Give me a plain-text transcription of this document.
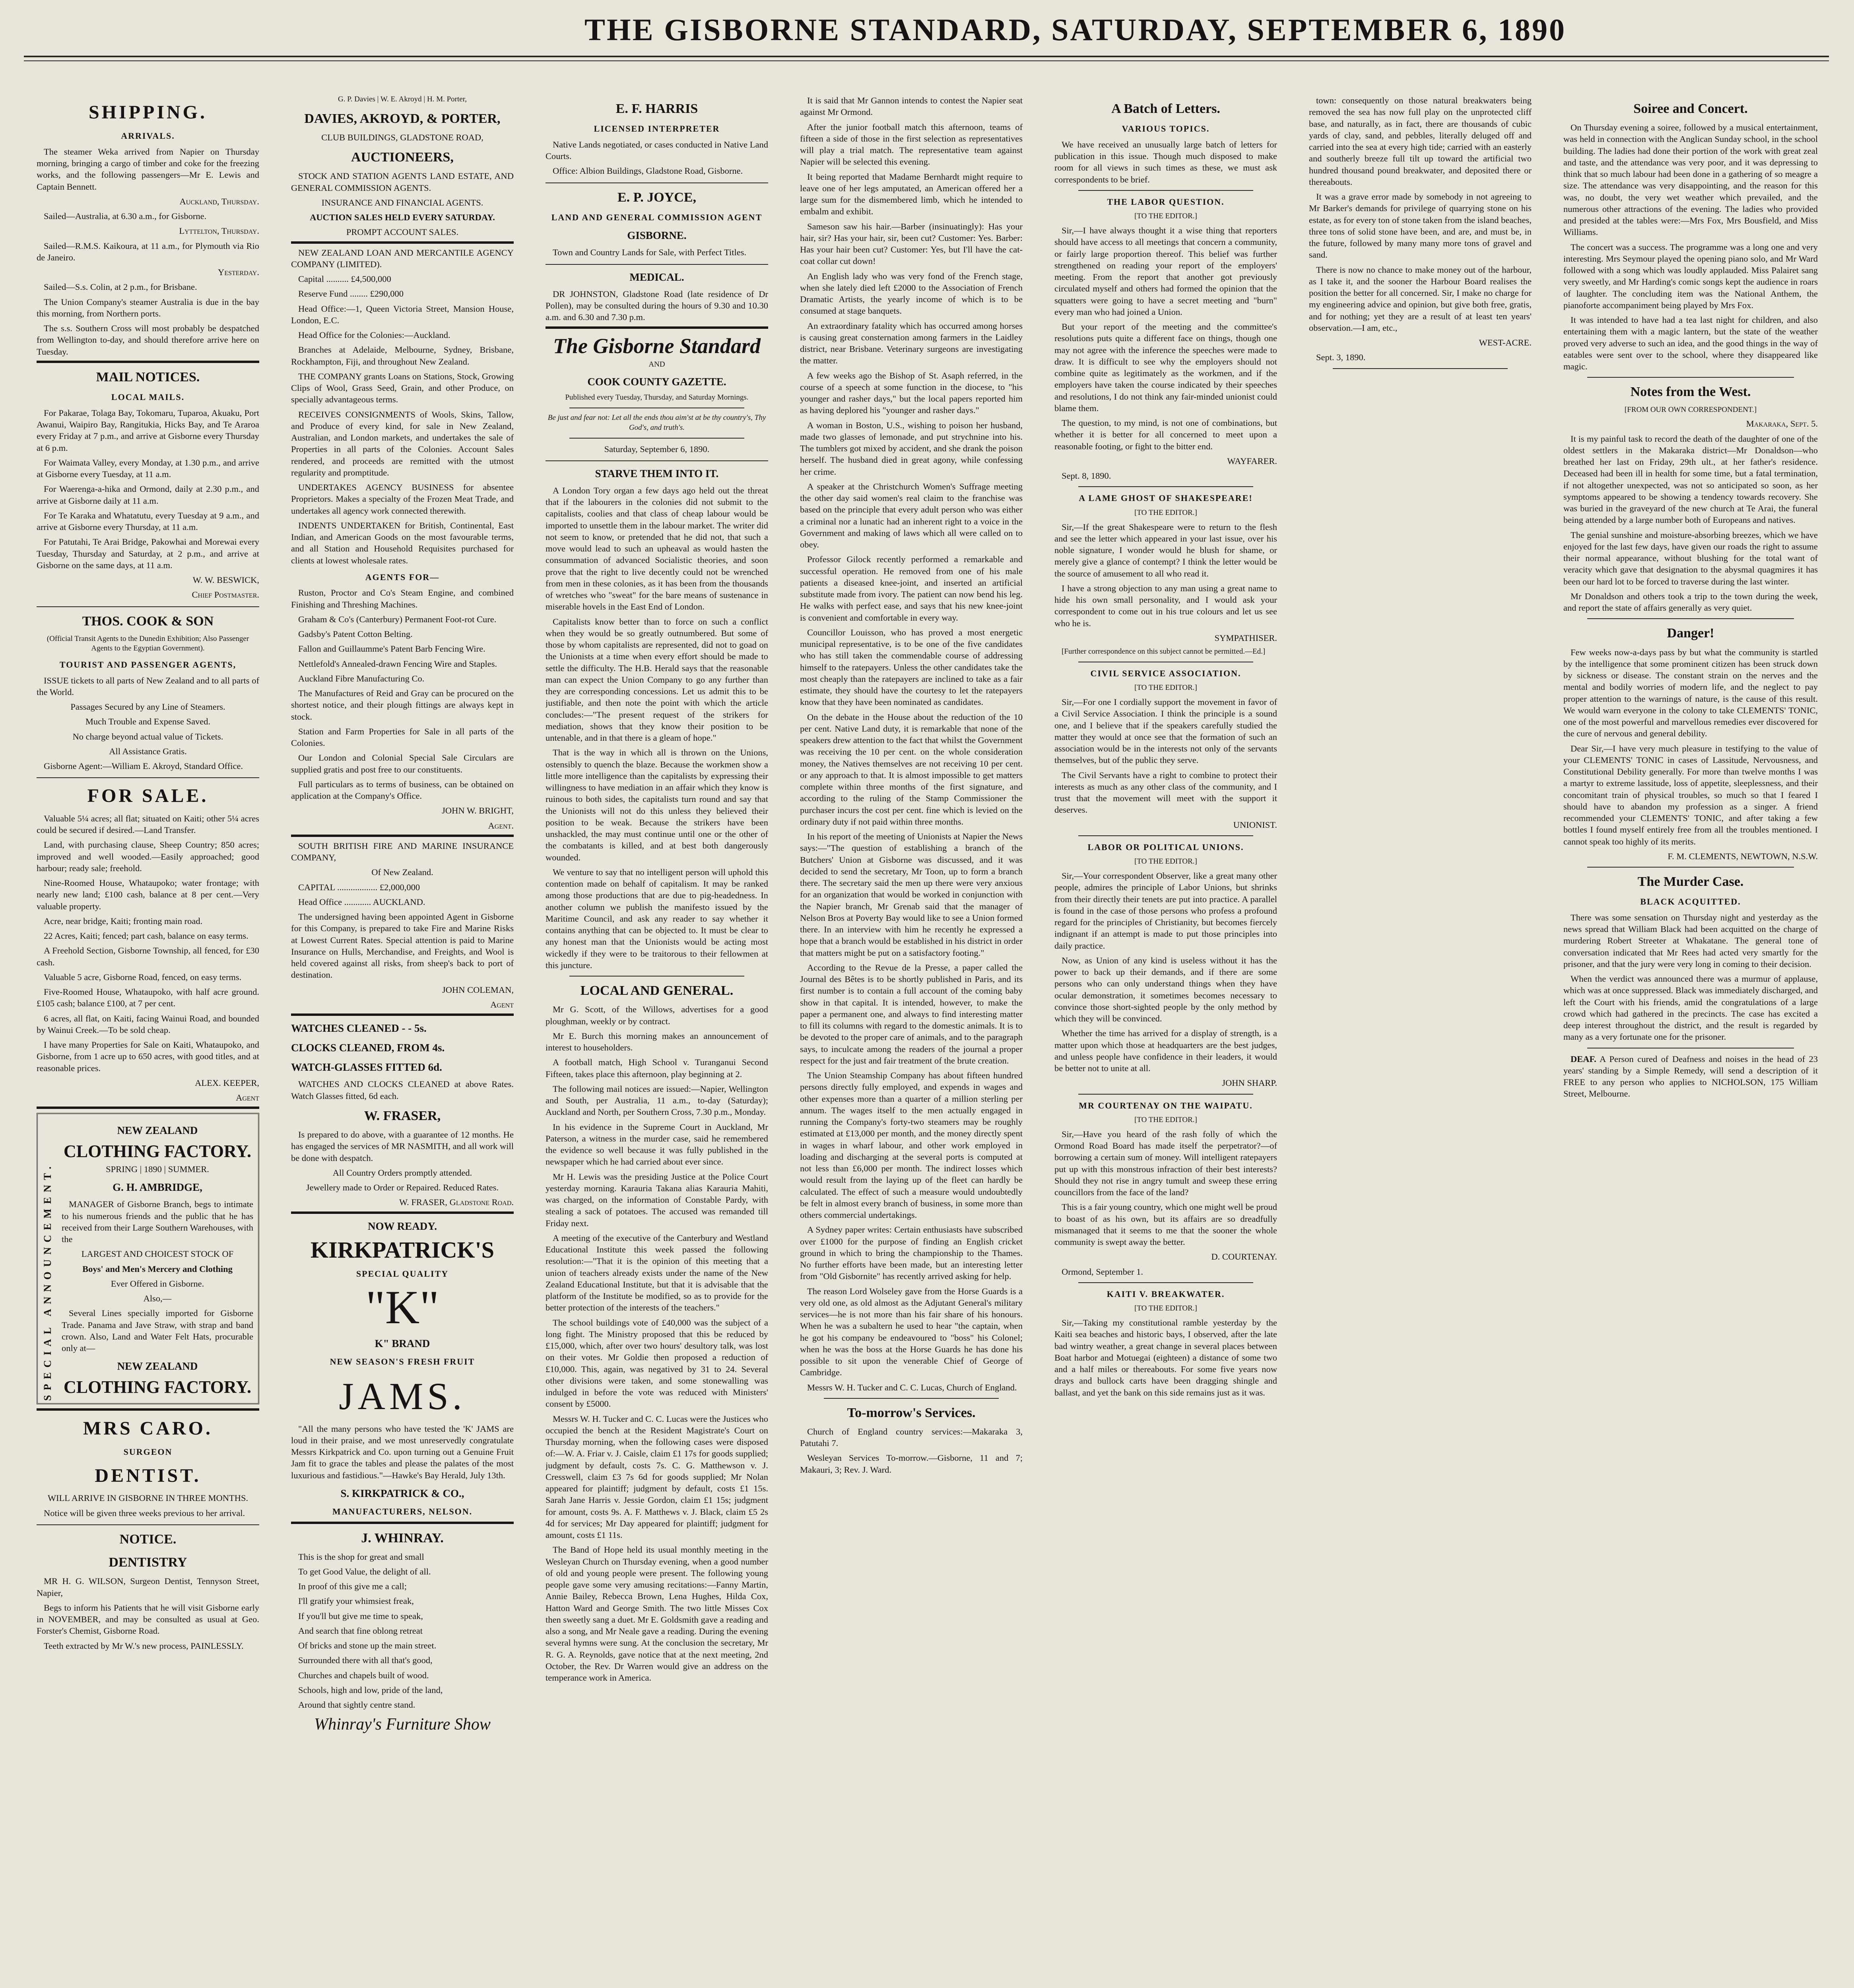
THE GISBORNE STANDARD, SATURDAY, SEPTEMBER 6, 1890
SHIPPING.
ARRIVALS.

The steamer Weka arrived from Napier on Thursday morning, bringing a cargo of timber and coke for the freezing works, and the following passengers—Mr E. Lewis and Captain Bennett.

Auckland, Thursday.

Sailed—Australia, at 6.30 a.m., for Gisborne.

Lyttelton, Thursday.

Sailed—R.M.S. Kaikoura, at 11 a.m., for Plymouth via Rio de Janeiro.

Yesterday.

Sailed—S.s. Colin, at 2 p.m., for Brisbane.

The Union Company's steamer Australia is due in the bay this morning, from Northern ports.

The s.s. Southern Cross will most probably be despatched from Wellington to-day, and should therefore arrive here on Tuesday.

MAIL NOTICES.
LOCAL MAILS.

For Pakarae, Tolaga Bay, Tokomaru, Tuparoa, Akuaku, Port Awanui, Waipiro Bay, Rangitukia, Hicks Bay, and Te Araroa every Friday at 7 p.m., and arrive at Gisborne every Thursday at 6 p.m.

For Waimata Valley, every Monday, at 1.30 p.m., and arrive at Gisborne every Tuesday, at 11 a.m.

For Waerenga-a-hika and Ormond, daily at 2.30 p.m., and arrive at Gisborne daily at 11 a.m.

For Te Karaka and Whatatutu, every Tuesday at 9 a.m., and arrive at Gisborne every Thursday, at 11 a.m.

For Patutahi, Te Arai Bridge, Pakowhai and Morewai every Tuesday, Thursday and Saturday, at 2 p.m., and arrive at Gisborne on the same days, at 11 a.m.

W. W. BESWICK,

Chief Postmaster.

THOS. COOK & SON

(Official Transit Agents to the Dunedin Exhibition; Also Passenger Agents to the Egyptian Government).

TOURIST AND PASSENGER AGENTS,

ISSUE tickets to all parts of New Zealand and to all parts of the World.

Passages Secured by any Line of Steamers.

Much Trouble and Expense Saved.

No charge beyond actual value of Tickets.

All Assistance Gratis.

Gisborne Agent:—William E. Akroyd, Standard Office.

FOR SALE.

Valuable 5¼ acres; all flat; situated on Kaiti; other 5¼ acres could be secured if desired.—Land Transfer.

Land, with purchasing clause, Sheep Country; 850 acres; improved and well wooded.—Easily approached; good harbour; ready sale; freehold.

Nine-Roomed House, Whataupoko; water frontage; with nearly new land; £100 cash, balance at 8 per cent.—Very valuable property.

Acre, near bridge, Kaiti; fronting main road.

22 Acres, Kaiti; fenced; part cash, balance on easy terms.

A Freehold Section, Gisborne Township, all fenced, for £30 cash.

Valuable 5 acre, Gisborne Road, fenced, on easy terms.

Five-Roomed House, Whataupoko, with half acre ground. £105 cash; balance £100, at 7 per cent.

6 acres, all flat, on Kaiti, facing Wainui Road, and bounded by Wainui Creek.—To be sold cheap.

I have many Properties for Sale on Kaiti, Whataupoko, and Gisborne, from 1 acre up to 650 acres, with good titles, and at reasonable prices.

ALEX. KEEPER,

Agent

SPECIAL ANNOUNCEMENT.
NEW ZEALAND
CLOTHING FACTORY.

SPRING | 1890 | SUMMER.

G. H. AMBRIDGE,

MANAGER of Gisborne Branch, begs to intimate to his numerous friends and the public that he has received from their Large Southern Warehouses, with the

LARGEST AND CHOICEST STOCK OF

Boys' and Men's Mercery and Clothing

Ever Offered in Gisborne.

Also,—

Several Lines specially imported for Gisborne Trade. Panama and Jave Straw, with strap and band crown. Also, Land and Water Felt Hats, procurable only at—

NEW ZEALAND
CLOTHING FACTORY.
MRS CARO.
SURGEON
DENTIST.

WILL ARRIVE IN GISBORNE IN THREE MONTHS.

Notice will be given three weeks previous to her arrival.

NOTICE.
DENTISTRY

MR H. G. WILSON, Surgeon Dentist, Tennyson Street, Napier,

Begs to inform his Patients that he will visit Gisborne early in NOVEMBER, and may be consulted as usual at Geo. Forster's Chemist, Gisborne Road.

Teeth extracted by Mr W.'s new process, PAINLESSLY.

G. P. Davies | W. E. Akroyd | H. M. Porter,

DAVIES, AKROYD, & PORTER,

CLUB BUILDINGS, GLADSTONE ROAD,

AUCTIONEERS,

STOCK AND STATION AGENTS LAND ESTATE, AND GENERAL COMMISSION AGENTS.

INSURANCE AND FINANCIAL AGENTS.

AUCTION SALES HELD EVERY SATURDAY.

PROMPT ACCOUNT SALES.

NEW ZEALAND LOAN AND MERCANTILE AGENCY COMPANY (LIMITED).

Capital .......... £4,500,000

Reserve Fund ........ £290,000

Head Office:—1, Queen Victoria Street, Mansion House, London, E.C.

Head Office for the Colonies:—Auckland.

Branches at Adelaide, Melbourne, Sydney, Brisbane, Rockhampton, Fiji, and throughout New Zealand.

THE COMPANY grants Loans on Stations, Stock, Growing Clips of Wool, Grass Seed, Grain, and other Produce, on specially advantageous terms.

RECEIVES CONSIGNMENTS of Wools, Skins, Tallow, and Produce of every kind, for sale in New Zealand, Australian, and London markets, and undertakes the sale of Properties in all parts of the Colonies. Account Sales rendered, and proceeds are remitted with the utmost regularity and promptitude.

UNDERTAKES AGENCY BUSINESS for absentee Proprietors. Makes a specialty of the Frozen Meat Trade, and undertakes all agency work connected therewith.

INDENTS UNDERTAKEN for British, Continental, East Indian, and American Goods on the most favourable terms, and all Station and Household Requisites purchased for clients at lowest wholesale rates.

AGENTS FOR—

Ruston, Proctor and Co's Steam Engine, and combined Finishing and Threshing Machines.

Graham & Co's (Canterbury) Permanent Foot-rot Cure.

Gadsby's Patent Cotton Belting.

Fallon and Guillaumme's Patent Barb Fencing Wire.

Nettlefold's Annealed-drawn Fencing Wire and Staples.

Auckland Fibre Manufacturing Co.

The Manufactures of Reid and Gray can be procured on the shortest notice, and their plough fittings are always kept in stock.

Station and Farm Properties for Sale in all parts of the Colonies.

Our London and Colonial Special Sale Circulars are supplied gratis and post free to our constituents.

Full particulars as to terms of business, can be obtained on application at the Company's Office.

JOHN W. BRIGHT,

Agent.

SOUTH BRITISH FIRE AND MARINE INSURANCE COMPANY,

Of New Zealand.

CAPITAL .................. £2,000,000

Head Office ............ AUCKLAND.

The undersigned having been appointed Agent in Gisborne for this Company, is prepared to take Fire and Marine Risks at Lowest Current Rates. Special attention is paid to Marine Insurance on Hulls, Merchandise, and Freights, and Wool is held covered against all risks, from sheep's back to port of destination.

JOHN COLEMAN,

Agent

WATCHES CLEANED - - 5s.
CLOCKS CLEANED, FROM 4s.
WATCH-GLASSES FITTED 6d.

WATCHES AND CLOCKS CLEANED at above Rates. Watch Glasses fitted, 6d each.

W. FRASER,

Is prepared to do above, with a guarantee of 12 months. He has engaged the services of MR NASMITH, and all work will be done with despatch.

All Country Orders promptly attended.

Jewellery made to Order or Repaired. Reduced Rates.

W. FRASER, Gladstone Road.

NOW READY.
KIRKPATRICK'S
SPECIAL QUALITY
"K"
K" BRAND
NEW SEASON'S FRESH FRUIT
JAMS.

"All the many persons who have tested the 'K' JAMS are loud in their praise, and we most unreservedly congratulate Messrs Kirkpatrick and Co. upon turning out a Genuine Fruit Jam fit to grace the tables and please the palates of the most luxurious and fastidious."—Hawke's Bay Herald, July 13th.

S. KIRKPATRICK & CO.,
MANUFACTURERS, NELSON.
J. WHINRAY.

This is the shop for great and small

To get Good Value, the delight of all.

In proof of this give me a call;

I'll gratify your whimsiest freak,

If you'll but give me time to speak,

And search that fine oblong retreat

Of bricks and stone up the main street.

Surrounded there with all that's good,

Churches and chapels built of wood.

Schools, high and low, pride of the land,

Around that sightly centre stand.

Whinray's Furniture Show
E. F. HARRIS
LICENSED INTERPRETER

Native Lands negotiated, or cases conducted in Native Land Courts.

Office: Albion Buildings, Gladstone Road, Gisborne.

E. P. JOYCE,
LAND AND GENERAL COMMISSION AGENT
GISBORNE.

Town and Country Lands for Sale, with Perfect Titles.

MEDICAL.

DR JOHNSTON, Gladstone Road (late residence of Dr Pollen), may be consulted during the hours of 9.30 and 10.30 a.m. and 6.30 and 7.30 p.m.

The Gisborne Standard

AND

COOK COUNTY GAZETTE.

Published every Tuesday, Thursday, and Saturday Mornings.

Be just and fear not: Let all the ends thou aim'st at be thy country's, Thy God's, and truth's.

Saturday, September 6, 1890.

STARVE THEM INTO IT.

A London Tory organ a few days ago held out the threat that if the labourers in the colonies did not submit to the capitalists, coolies and that class of cheap labour would be imported to unsettle them in the labour market. The writer did not seem to know, or pretended that he did not, that such a move would lead to such an upheaval as would hasten the consummation of advanced Socialistic theories, and soon prove that the right to live decently could not be wrenched from men in these colonies, as it has been from the thousands of wretches who "sweat" for the bare means of sustenance in miserable hovels in the East End of London.

Capitalists know better than to force on such a conflict when they would be so greatly outnumbered. But some of those by whom capitalists are represented, did not to goad on the Unionists at a time when every effort should be made to settle the difficulty. The H.B. Herald says that the reasonable man can expect the Union Company to go any further than they are corresponding concessions. Let us admit this to be justifiable, and then note the point with which the article concludes:—"The present request of the strikers for mediation, shows that they know their position to be untenable, and in that there is a gleam of hope."

That is the way in which all is thrown on the Unions, ostensibly to quench the blaze. Because the workmen show a little more intelligence than the capitalists by expressing their willingness to have mediation in an affair which they know is ruinous to both sides, the capitalists turn round and say that the Unionists will not do this unless they believed their position to be weak. Because the strikers have been unshackled, the may must continue until one or the other of the combatants is killed, and at best both dangerously wounded.

We venture to say that no intelligent person will uphold this contention made on behalf of capitalism. It may be ranked among those productions that are due to pig-headedness. In another column we publish the manifesto issued by the Maritime Council, and ask any reader to say whether it contains anything that can be objected to. It must be clear to any honest man that the Unionists would be acting most wickedly if they were to be traitorous to their fellowmen at this juncture.

LOCAL AND GENERAL.

Mr G. Scott, of the Willows, advertises for a good ploughman, weekly or by contract.

Mr E. Burch this morning makes an announcement of interest to householders.

A football match, High School v. Turanganui Second Fifteen, takes place this afternoon, play beginning at 2.

The following mail notices are issued:—Napier, Wellington and South, per Australia, 11 a.m., to-day (Saturday); Auckland and North, per Southern Cross, 7.30 p.m., Monday.

In his evidence in the Supreme Court in Auckland, Mr Paterson, a witness in the murder case, said he remembered the evidence so well because it was fully published in the newspaper which he had carried about ever since.

Mr H. Lewis was the presiding Justice at the Police Court yesterday morning. Karauria Takana alias Karauria Mahiti, was charged, on the information of Constable Pardy, with stealing a sack of potatoes. The accused was remanded till Friday next.

A meeting of the executive of the Canterbury and Westland Educational Institute this week passed the following resolution:—"That it is the opinion of this meeting that a union of teachers already exists under the name of the New Zealand Educational Institute, but that it is advisable that the platform of the Institute be modified, so as to provide for the better protection of the interests of the teachers."

The school buildings vote of £40,000 was the subject of a long fight. The Ministry proposed that this be reduced by £15,000, which, after over two hours' desultory talk, was lost on their votes. Mr Goldie then proposed a reduction of £10,000. This, again, was negatived by 31 to 24. Several other divisions were taken, and some stonewalling was indulged in before the vote was reduced with Ministers' consent by £5000.

Messrs W. H. Tucker and C. C. Lucas were the Justices who occupied the bench at the Resident Magistrate's Court on Thursday morning, when the following cases were disposed of:—W. A. Friar v. J. Caisle, claim £1 17s for goods supplied; judgment by default, costs 7s. C. G. Matthewson v. J. Cresswell, claim £3 7s 6d for goods supplied; Mr Nolan appeared for plaintiff; judgment by default, costs £1 15s. Sarah Jane Harris v. Jessie Gordon, claim £1 15s; judgment for amount, costs 9s. A. F. Matthews v. J. Black, claim £5 2s 4d for services; Mr Day appeared for plaintiff; judgment for amount, costs £1 11s.

The Band of Hope held its usual monthly meeting in the Wesleyan Church on Thursday evening, when a good number of old and young people were present. The following young people gave some very amusing recitations:—Fanny Martin, Annie Bailey, Rebecca Brown, Lena Hughes, Hilda Cox, Hatton Ward and George Smith. The two little Misses Cox then sweetly sang a duet. Mr E. Goldsmith gave a reading and also a song, and Mr Neale gave a reading. During the evening several hymns were sung. At the conclusion the secretary, Mr R. G. A. Reynolds, gave notice that at the next meeting, 2nd October, the Rev. Dr Warren would give an address on the temperance work in America.

It is said that Mr Gannon intends to contest the Napier seat against Mr Ormond.

After the junior football match this afternoon, teams of fifteen a side of those in the first selection as representatives will play a trial match. The representative team against Napier will be selected this evening.

It being reported that Madame Bernhardt might require to leave one of her legs amputated, an American offered her a large sum for the dismembered limb, which he intended to embalm and exhibit.

Sameson saw his hair.—Barber (insinuatingly): Has your hair, sir? Has your hair, sir, been cut? Customer: Yes. Barber: Has your hair been cut? Customer: Yes, but I'll have the cat-coat collar cut down!

An English lady who was very fond of the French stage, when she lately died left £2000 to the Association of French Dramatic Artists, the yearly income of which is to be consumed at stage banquets.

An extraordinary fatality which has occurred among horses is causing great consternation among farmers in the Laidley district, near Brisbane. Veterinary surgeons are investigating the matter.

A few weeks ago the Bishop of St. Asaph referred, in the course of a speech at some function in the diocese, to "his younger and rasher days," but the local papers reported him as having deplored his "younger and rasher days."

A woman in Boston, U.S., wishing to poison her husband, made two glasses of lemonade, and put strychnine into his. The tumblers got mixed by accident, and she drank the poison herself. The husband died in great agony, while confessing her crime.

A speaker at the Christchurch Women's Suffrage meeting the other day said women's real claim to the franchise was based on the principle that every adult person who was either a criminal nor a lunatic had an inherent right to a voice in the Government and making of laws which all were called on to obey.

Professor Gilock recently performed a remarkable and successful operation. He removed from one of his male patients a diseased knee-joint, and inserted an artificial substitute made from ivory. The patient can now bend his leg. He walks with perfect ease, and says that his new knee-joint is convenient and comfortable in every way.

Councillor Louisson, who has proved a most energetic municipal representative, is to be one of the five candidates who has still taken the commendable course of addressing himself to the ratepayers. Unless the other candidates take the most cheaply than the ratepayers are inclined to take as a fair estimate, they should have the courtesy to let the ratepayers know that they have been nominated as candidates.

On the debate in the House about the reduction of the 10 per cent. Native Land duty, it is remarkable that none of the speakers drew attention to the fact that whilst the Government was receiving the 10 per cent. on the whole consideration money, the Natives themselves are not receiving 10 per cent. or any approach to that. It is almost impossible to get matters complete within three months of the first signature, and according to the ruling of the Stamp Commissioner the purchaser incurs the cost per cent. fine which is levied on the ordinary duty if not paid within three months.

In his report of the meeting of Unionists at Napier the News says:—"The question of establishing a branch of the Butchers' Union at Gisborne was discussed, and it was decided to send the secretary, Mr Toon, up to form a branch there. The secretary said the men up there were very anxious for an organization that would be worked in conjunction with the Napier branch, Mr Grenab said that the manager of Nelson Bros at Poverty Bay would like to see a Union formed there. In an interview with him he recently he expressed a hope that a branch would be established in his district in order that matters might be put on a satisfactory footing."

According to the Revue de la Presse, a paper called the Journal des Bêtes is to be shortly published in Paris, and its first number is to contain a full account of the coming baby show in that capital. It is intended, however, to make the paper a permanent one, and always to find interesting matter to fill its columns with regard to the domestic animals. It is to be devoted to the proper care of animals, and to the paragraph says, to inculcate among the readers of the journal a proper respect for the just and fair treatment of the brute creation.

The Union Steamship Company has about fifteen hundred persons directly fully employed, and expends in wages and other expenses more than a quarter of a million sterling per annum. The wages itself to the men actually engaged in running the Company's forty-two steamers may be roughly estimated at £13,000 per month, and the money directly spent in wages in wharf labour, and other work employed in loading and discharging at the several ports is computed at not less than £6,000 per month. The indirect losses which would result from the laying up of the fleet can hardly be calculated. The effect of such a measure would undoubtedly be felt in almost every branch of business, in some more than others commercial undertakings.

A Sydney paper writes: Certain enthusiasts have subscribed over £1000 for the purpose of finding an English cricket ground in which to bring the championship to the Thames. No further efforts have been made, but an interesting letter from "Old Gisbornite" has recently arrived asking for help.

The reason Lord Wolseley gave from the Horse Guards is a very old one, as old almost as the Adjutant General's military services—he is not more than his fair share of his honours. When he was a subaltern he used to hear "the captain, when he got his company be endeavoured to "boss" his Colonel; when he was the boss at the Horse Guards he has done his possible to sit upon the venerable Chief of George of Cambridge.

Messrs W. H. Tucker and C. C. Lucas, Church of England.

To-morrow's Services.

Church of England country services:—Makaraka 3, Patutahi 7.

Wesleyan Services To-morrow.—Gisborne, 11 and 7; Makauri, 3; Rev. J. Ward.

A Batch of Letters.
VARIOUS TOPICS.

We have received an unusually large batch of letters for publication in this issue. Though much disposed to make room for all views in such times as these, we must ask correspondents to be brief.

THE LABOR QUESTION.

[TO THE EDITOR.]

Sir,—I have always thought it a wise thing that reporters should have access to all meetings that concern a community, or fairly large proportion thereof. This belief was further strengthened on reading your report of the employers' meeting. From the report that another got previously circulated myself and others had formed the opinion that the squatters were going to have a secret meeting and "burn" every man who had joined a Union.

But your report of the meeting and the committee's resolutions puts quite a different face on things, though one may not agree with the inference the speeches were made to draw. It is difficult to see why the employers should not combine quite as legitimately as the workmen, and if the employers have taken the course indicated by their speeches and resolutions, I do not think any fair-minded unionist could blame them.

The question, to my mind, is not one of combinations, but whether it is better for all concerned to meet upon a reasonable footing, or fight to the bitter end.

WAYFARER.

Sept. 8, 1890.

A LAME GHOST OF SHAKESPEARE!

[TO THE EDITOR.]

Sir,—If the great Shakespeare were to return to the flesh and see the letter which appeared in your last issue, over his noble signature, I wonder would he blush for shame, or merely give a glance of contempt? I think the letter would be the source of amusement to all who read it.

I have a strong objection to any man using a great name to hide his own small personality, and I would ask your correspondent to come out in his true colours and let us see who he is.

SYMPATHISER.

[Further correspondence on this subject cannot be permitted.—Ed.]

CIVIL SERVICE ASSOCIATION.

[TO THE EDITOR.]

Sir,—For one I cordially support the movement in favor of a Civil Service Association. I think the principle is a sound one, and I believe that if the speakers carefully studied the matter they would at once see that the formation of such an association would be in the interests not only of the servants themselves, but of the public they serve.

The Civil Servants have a right to combine to protect their interests as much as any other class of the community, and I trust that the movement will meet with the support it deserves.

UNIONIST.

LABOR OR POLITICAL UNIONS.

[TO THE EDITOR.]

Sir,—Your correspondent Observer, like a great many other people, admires the principle of Labor Unions, but shrinks from their directly their tenets are put into practice. A parallel is found in the case of those persons who profess a profound regard for the principles of Christianity, but becomes fiercely indignant if an attempt is made to put those principles into daily practice.

Now, as Union of any kind is useless without it has the power to back up their demands, and if there are some persons who can only understand things when they have ocular demonstration, it sometimes becomes necessary to convince those short-sighted people by the only method by which they will be convinced.

Whether the time has arrived for a display of strength, is a matter upon which those at headquarters are the best judges, and unless people have confidence in their leaders, it would be better not to unite at all.

JOHN SHARP.

MR COURTENAY ON THE WAIPATU.

[TO THE EDITOR.]

Sir,—Have you heard of the rash folly of which the Ormond Road Board has made itself the perpetrator?—of borrowing a certain sum of money. Will intelligent ratepayers put up with this monstrous infraction of their best interests? Should they not rise in angry tumult and sweep these erring councillors from the face of the land?

This is a fair young country, which one might well be proud to boast of as his own, but its affairs are so dreadfully mismanaged that it seems to me that the sooner the whole community is swept away the better.

D. COURTENAY.

Ormond, September 1.

KAITI V. BREAKWATER.

[TO THE EDITOR.]

Sir,—Taking my constitutional ramble yesterday by the Kaiti sea beaches and historic bays, I observed, after the late bad wintry weather, a great change in several places between Boat harbor and Motuegai (eighteen) a distance of some two and a half miles or thereabouts. For some five years now drays and bullock carts have been dragging shingle and ballast, and yet the bank on this side remains just as it was.

town: consequently on those natural breakwaters being removed the sea has now full play on the unprotected cliff base, and naturally, as in fact, there are thousands of cubic yards of clay, sand, and pebbles, literally deluged off and carried into the sea at every high tide; carried with an easterly and southerly breeze full tilt up toward the artificial two hundred thousand pound breakwater, and deposited there or thereabouts.

It was a grave error made by somebody in not agreeing to Mr Barker's demands for privilege of quarrying stone on his estate, as for every ton of stone taken from the island beaches, three tons of solid stone have been, and are, and must be, in the future, followed by many many more tons of gravel and sand.

There is now no chance to make money out of the harbour, as I take it, and the sooner the Harbour Board realises the position the better for all concerned. Sir, I make no charge for my engineering advice and opinion, but give both free, gratis, and for nothing; yet they are a result of at least ten years' observation.—I am, etc.,

WEST-ACRE.

Sept. 3, 1890.

Soiree and Concert.

On Thursday evening a soiree, followed by a musical entertainment, was held in connection with the Anglican Sunday school, in the school building. The ladies had done their portion of the work with great zeal and taste, and the attendance was very poor, and it was depressing to think that so much labour had been done in a gathering of so meagre a size. The attendance was very disappointing, and the reason for this was, no doubt, the very wet weather which prevailed, and the numerous other attractions of the evening. The ladies who provided and presided at the tables were:—Mrs Fox, Mrs Bousfield, and Miss Williams.

The concert was a success. The programme was a long one and very interesting. Mrs Seymour played the opening piano solo, and Mr Ward followed with a song which was loudly applauded. Miss Palairet sang very sweetly, and Mr Harding's comic songs kept the audience in roars of laughter. The concluding item was the National Anthem, the pianoforte accompaniment being played by Mrs Fox.

It was intended to have had a tea last night for children, and also entertaining them with a magic lantern, but the state of the weather proved very adverse to such an idea, and the good things in the way of eatables were sent over to the school, where they disappeared like magic.

Notes from the West.

[FROM OUR OWN CORRESPONDENT.]

Makaraka, Sept. 5.

It is my painful task to record the death of the daughter of one of the oldest settlers in the Makaraka district—Mr Donaldson—who breathed her last on Friday, 29th ult., at her father's residence. Deceased had been ill in health for some time, but a fatal termination, if not altogether unexpected, was not so anticipated so soon, as her symptoms appeared to be showing a tendency towards recovery. She was buried in the graveyard of the new church at Te Arai, the funeral being attended by a large number both of Europeans and natives.

The genial sunshine and moisture-absorbing breezes, which we have enjoyed for the last few days, have given our roads the right to assume their normal appearance, without blushing for the total want of veracity which gave that designation to the abysmal quagmires it has been our hard lot to be forced to traverse during the last winter.

Mr Donaldson and others took a trip to the town during the week, and report the state of affairs generally as very quiet.

Danger!

Few weeks now-a-days pass by but what the community is startled by the intelligence that some prominent citizen has been struck down by sickness or disease. The constant strain on the nerves and the mental and bodily worries of modern life, and the neglect to pay proper attention to the warnings of nature, is the cause of this result. We would warn everyone in the colony to take CLEMENTS' TONIC, one of the most powerful and marvellous remedies ever discovered for the cure of nervous and general debility.

Dear Sir,—I have very much pleasure in testifying to the value of your CLEMENTS' TONIC in cases of Lassitude, Nervousness, and Constitutional Debility generally. For more than twelve months I was a martyr to extreme lassitude, loss of appetite, sleeplessness, and their concomitant train of physical troubles, so much so that I feared I should have to abandon my profession as a singer. A friend recommended your CLEMENTS' TONIC, and after taking a few bottles I found myself entirely free from all the troubles mentioned. I cannot speak too highly of its merits.

F. M. CLEMENTS, NEWTOWN, N.S.W.

The Murder Case.
BLACK ACQUITTED.

There was some sensation on Thursday night and yesterday as the news spread that William Black had been acquitted on the charge of murdering Robert Streeter at Whakatane. The general tone of conversation indicated that Mr Rees had acted very smartly for the prisoner, and that the jury were very long in coming to their decision.

When the verdict was announced there was a murmur of applause, which was at once suppressed. Black was immediately discharged, and left the Court with his friends, amid the congratulations of a large crowd which had gathered in the precincts. The case has excited a deep interest throughout the district, and the result is regarded by many as a very fortunate one for the prisoner.

DEAF. A Person cured of Deafness and noises in the head of 23 years' standing by a Simple Remedy, will send a description of it FREE to any person who applies to NICHOLSON, 175 William Street, Melbourne.
